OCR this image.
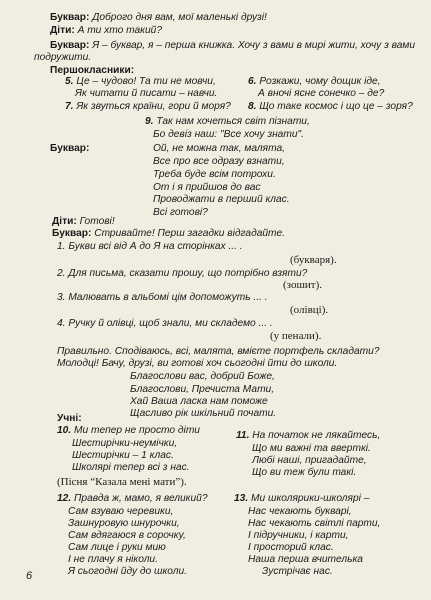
Буквар: Доброго дня вам, мої маленькі друзі!
Діти: А ти хто такий?
Буквар: Я – буквар, я – перша книжка. Хочу з вами в мирі жити, хочу з вами
подружити.
Першокласники:
5. Це – чудово! Та ти не мовчи,
Як читати й писати – навчи.
6. Розкажи, чому дощик іде,
А вночі ясне сонечко – де?
7. Як звуться країни, гори й моря? 8. Що таке космос і що це – зоря?
9. Так нам хочеться світ пізнати,
Бо девіз наш: "Все хочу знати".
Буквар:	Ой, не можна так, малята,
Все про все одразу взнати,
Треба буде всім потрохи.
От і я прийшов до вас
Проводжати в перший клас.
Всі готові?
Діти: Готові!
Буквар: Стривайте! Перш загадки відгадайте.
1. Букви всі від А до Я на сторінках ... .
(букваря).
2. Для письма, сказати прошу, що потрібно взяти?
(зошит).
3. Малювать в альбомі цім допоможуть ... .
(олівці).
4. Ручку й олівці, щоб знали, ми складемо ... .
(у пенали).
Правильно. Сподіваюсь, всі, малята, вмієте портфель складати?
Молодці! Бачу, друзі, ви готові хоч сьогодні йти до школи.
Благослови вас, добрий Боже,
Благослови, Пречиста Мати,
Хай Ваша ласка нам поможе
Щасливо рік шкільний почати.
Учні:
10. Ми тепер не просто діти
Шестирічки-неумічки,
Шестирічки – 1 клас.
Школярі тепер всі з нас.
(Пісня “Казала мені мати”).
11. На початок не лякайтесь,
Що ми важні та вверткі.
Любі наші, пригадайте,
Що ви теж були такі.
12. Правда ж, мамо, я великий?
Сам взуваю черевики,
Зашнуровую шнурочки,
Сам вдягаюся в сорочку,
Сам лице і руки мию
І не плачу я ніколи.
Я сьогодні йду до школи.
13. Ми школярики-школярі –
Нас чекають букварі,
Нас чекають світлі парти,
І підручники, і карти,
І просторий клас.
Наша перша вчителька
Зустрічає нас.
6
